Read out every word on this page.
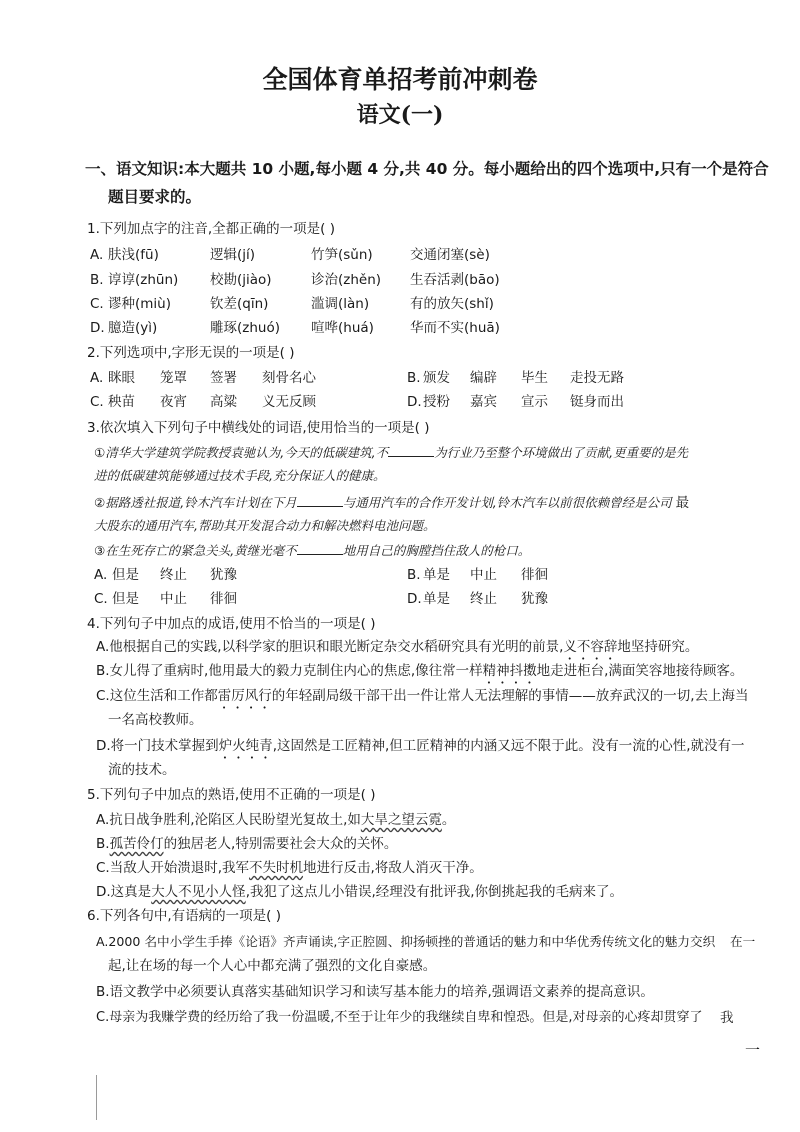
全国体育单招考前冲刺卷
语文(一)
一、语文知识:本大题共 10 小题,每小题 4 分,共 40 分。每小题给出的四个选项中,只有一个是符合
题目要求的。
1.下列加点字的注音,全都正确的一项是( )
A. 肤浅(fū)	逻辑(jí)	竹笋(sǔn)	交通闭塞(sè)
B. 谆谆(zhūn) 校勘(jiào)	诊治(zhěn) 生吞活剥(bāo)
C. 谬种(miù)	钦差(qīn)	滥调(làn)	有的放矢(shǐ)
D. 臆造(yì)	雕琢(zhuó) 喧哗(huá)	华而不实(huā)
2.下列选项中,字形无误的一项是( )
A. 眯眼 笼罩 签署 刻骨名心	B. 颁发 编辟 毕生 走投无路
C. 秧苗 夜宵 高粱 义无反顾	D. 授粉 嘉宾 宣示 铤身而出
3.依次填入下列句子中横线处的词语,使用恰当的一项是( )
①清华大学建筑学院教授袁驰认为,今天的低碳建筑,不	为行业乃至整个环境做出了贡献,更重要的是先
进的低碳建筑能够通过技术手段,充分保证人的健康。
②据路透社报道,铃木汽车计划在下月	与通用汽车的合作开发计划,铃木汽车以前很依赖曾经是公司 最
大股东的通用汽车,帮助其开发混合动力和解决燃料电池问题。
③在生死存亡的紧急关头,黄继光毫不	地用自己的胸膛挡住敌人的枪口。
A. 但是 终止 犹豫	B. 单是 中止 徘徊
C. 但是 中止 徘徊	D. 单是 终止 犹豫
4.下列句子中加点的成语,使用不恰当的一项是( )
A.他根据自己的实践,以科学家的胆识和眼光断定杂交水稻研究具有光明的前景,义不容辞地坚持研究。
B.女儿得了重病时,他用最大的毅力克制住内心的焦虑,像往常一样精神抖擞地走进柜台,满面笑容地接待顾客。
C.这位生活和工作都雷厉风行的年轻副局级干部干出一件让常人无法理解的事情——放弃武汉的一切,去上海当
一名高校教师。
D.将一门技术掌握到炉火纯青,这固然是工匠精神,但工匠精神的内涵又远不限于此。没有一流的心性,就没有一
流的技术。
5.下列句子中加点的熟语,使用不正确的一项是( )
A.抗日战争胜利,沦陷区人民盼望光复故土,如大旱之望云霓。
B.孤苦伶仃的独居老人,特别需要社会大众的关怀。
C.当敌人开始溃退时,我军不失时机地进行反击,将敌人消灭干净。
D.这真是大人不见小人怪,我犯了这点儿小错误,经理没有批评我,你倒挑起我的毛病来了。
6.下列各句中,有语病的一项是( )
A.2000 名中小学生手捧《论语》齐声诵读,字正腔圆、抑扬顿挫的普通话的魅力和中华优秀传统文化的魅力交织 在一
起,让在场的每一个人心中都充满了强烈的文化自豪感。
B.语文教学中必须要认真落实基础知识学习和读写基本能力的培养,强调语文素养的提高意识。
C.母亲为我赚学费的经历给了我一份温暖,不至于让年少的我继续自卑和惶恐。但是,对母亲的心疼却贯穿了 我
一
